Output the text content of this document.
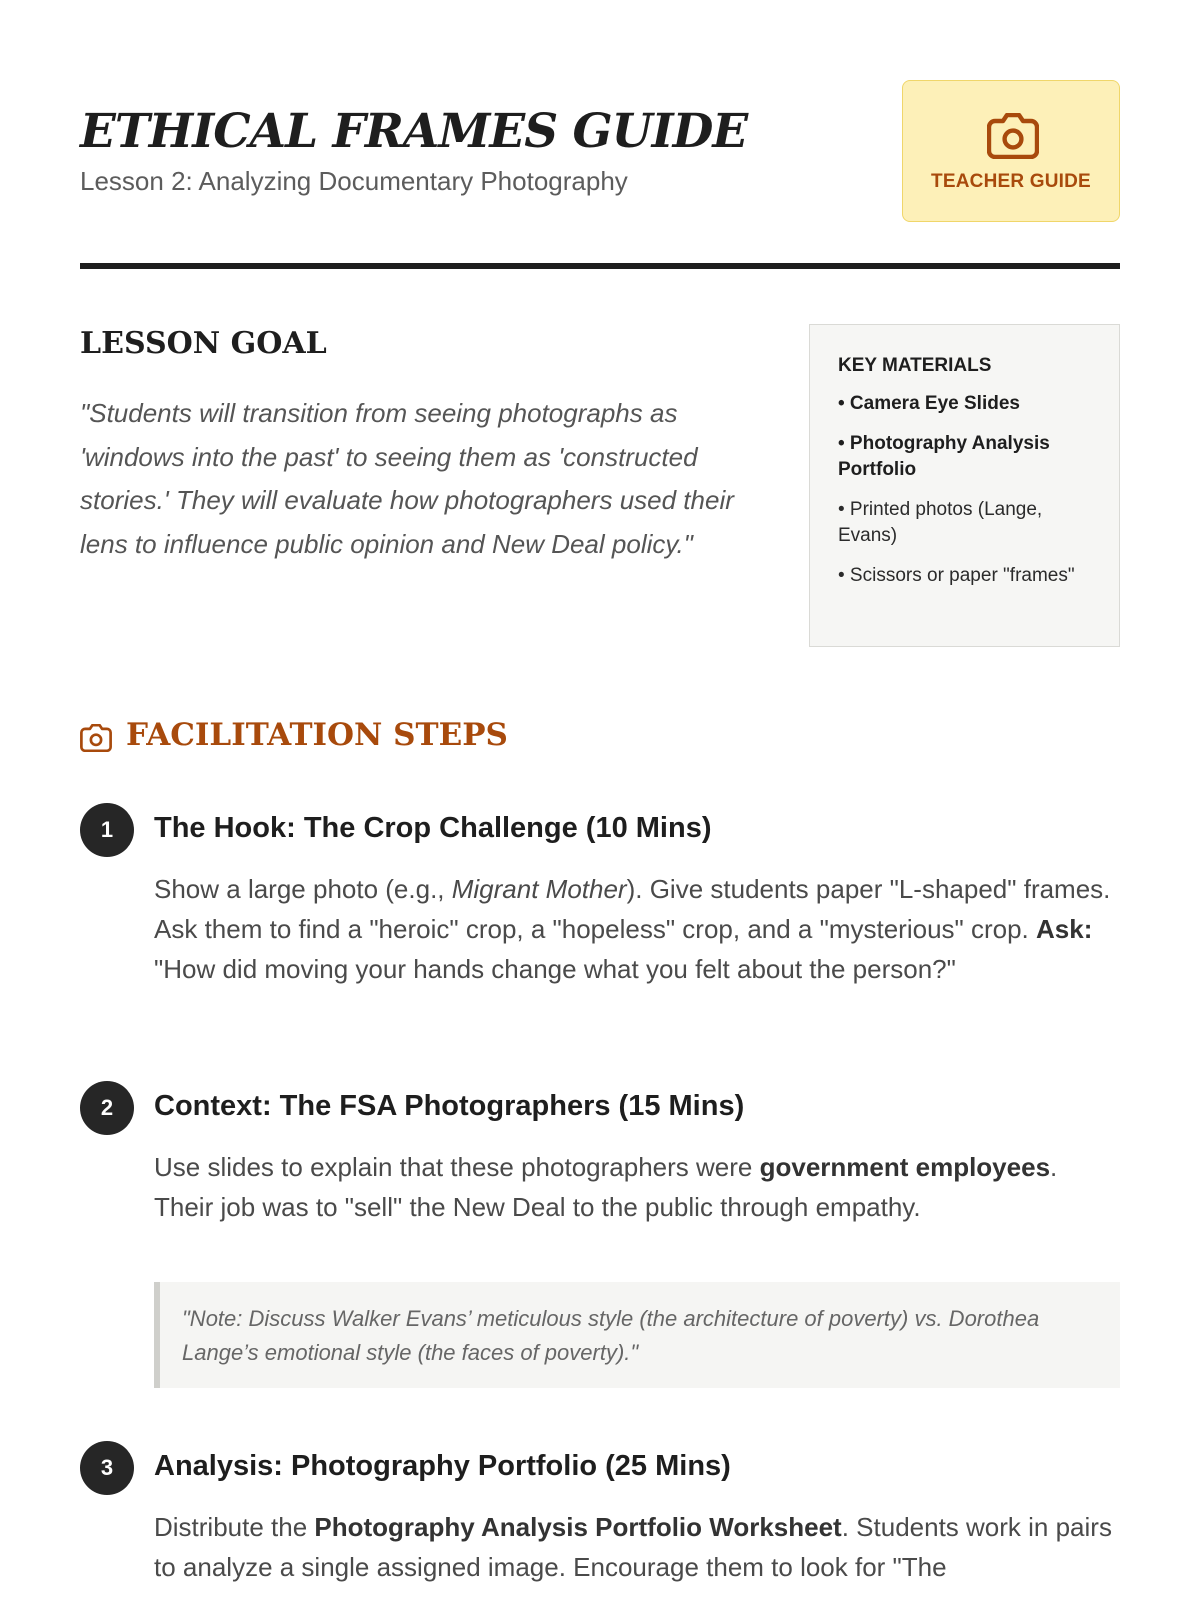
ETHICAL FRAMES GUIDE
Lesson 2: Analyzing Documentary Photography	TEACHER GUIDE
LESSON GOAL

"Students will transition from seeing photographs as 'windows into the past' to seeing them as 'constructed stories.' They will evaluate how photographers used their lens to influence public opinion and New Deal policy."

KEY MATERIALS
• Camera Eye Slides
• Photography Analysis Portfolio
• Printed photos (Lange, Evans)
• Scissors or paper "frames"
FACILITATION STEPS
1	The Hook: The Crop Challenge (10 Mins)

Show a large photo (e.g., Migrant Mother). Give students paper "L-shaped" frames. Ask them to find a "heroic" crop, a "hopeless" crop, and a "mysterious" crop. Ask: "How did moving your hands change what you felt about the person?"

2	Context: The FSA Photographers (15 Mins)

Use slides to explain that these photographers were government employees. Their job was to "sell" the New Deal to the public through empathy.

"Note: Discuss Walker Evans’ meticulous style (the architecture of poverty) vs. Dorothea Lange’s emotional style (the faces of poverty)."
3	Analysis: Photography Portfolio (25 Mins)

Distribute the Photography Analysis Portfolio Worksheet. Students work in pairs to analyze a single assigned image. Encourage them to look for "The
